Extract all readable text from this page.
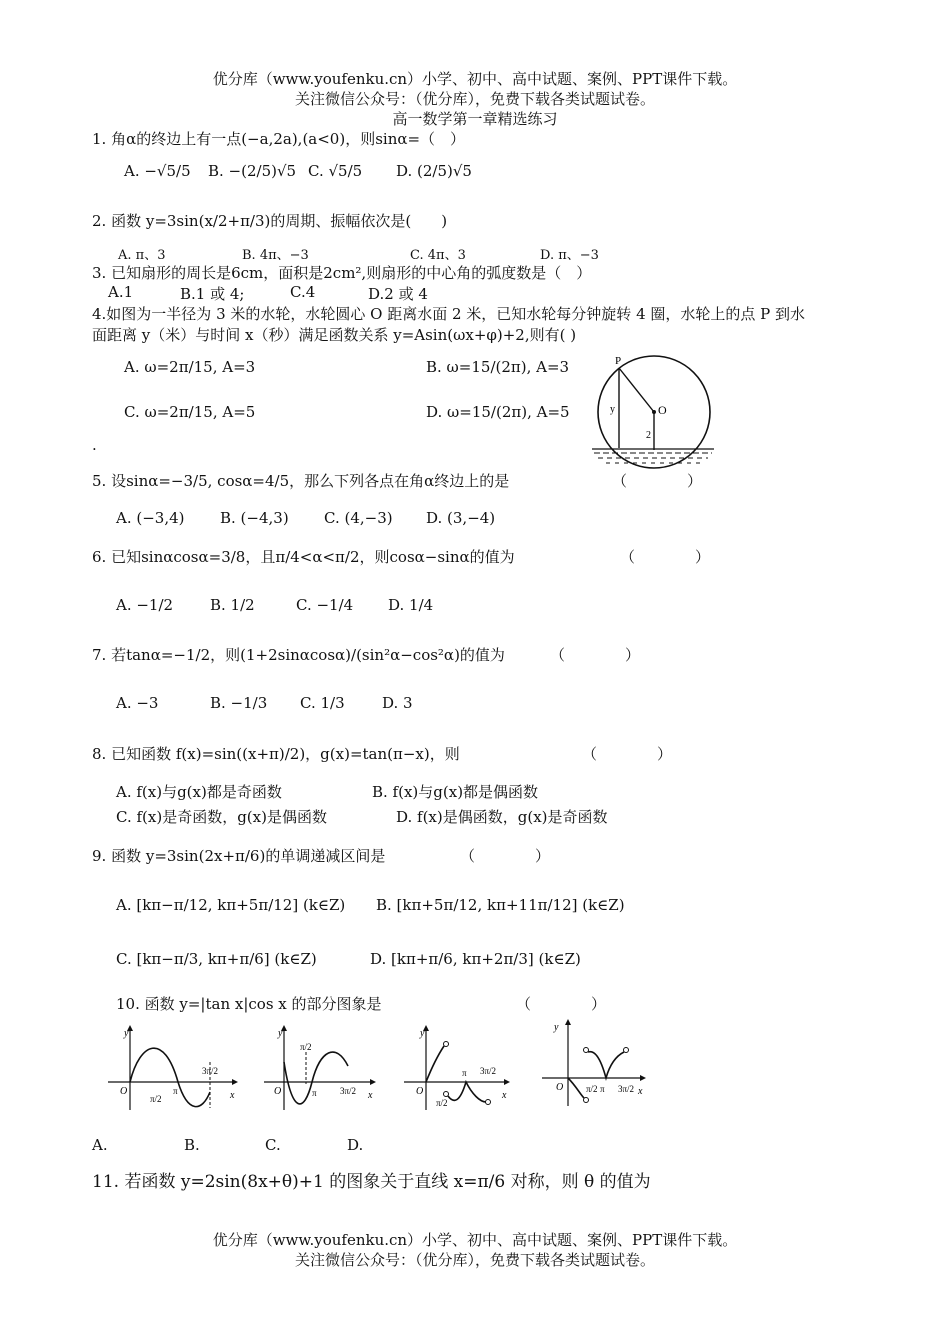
优分库（www.youfenku.cn）小学、初中、高中试题、案例、PPT课件下载。
关注微信公众号：（优分库），免费下载各类试题试卷。
高一数学第一章精选练习
1. 角α的终边上有一点(−a,2a),(a<0)，则sinα=（　）
A. −√5/5 B. −(2/5)√5 C. √5/5 D. (2/5)√5
2. 函数 y=3sin(x/2+π/3)的周期、振幅依次是(　　)
A. π、3	B. 4π、−3	C. 4π、3	D. π、−3
3. 已知扇形的周长是6cm，面积是2cm²,则扇形的中心角的弧度数是（　）
A.1	B.1 或 4;	C.4	D.2 或 4
4.如图为一半径为 3 米的水轮，水轮圆心 O 距离水面 2 米，已知水轮每分钟旋转 4 圈，水轮上的点 P 到水
面距离 y（米）与时间 x（秒）满足函数关系 y=Asin(ωx+φ)+2,则有( )
A. ω=2π/15, A=3	B. ω=15/(2π), A=3
C. ω=2π/15, A=5	D. ω=15/(2π), A=5
.
P
O
y
2
5. 设sinα=−3/5, cosα=4/5，那么下列各点在角α终边上的是	（　　　　）
A. (−3,4) B. (−4,3) C. (4,−3) D. (3,−4)
6. 已知sinαcosα=3/8，且π/4<α<π/2，则cosα−sinα的值为	（　　　　）
A. −1/2 B. 1/2	C. −1/4 D. 1/4
7. 若tanα=−1/2，则(1+2sinαcosα)/(sin²α−cos²α)的值为	（　　　　）
A. −3	B. −1/3 C. 1/3 D. 3
8. 已知函数 f(x)=sin((x+π)/2)，g(x)=tan(π−x)，则	（　　　　）
A. f(x)与g(x)都是奇函数	B. f(x)与g(x)都是偶函数
C. f(x)是奇函数，g(x)是偶函数	D. f(x)是偶函数，g(x)是奇函数
9. 函数 y=3sin(2x+π/6)的单调递减区间是	（　　　　）
A. [kπ−π/12, kπ+5π/12] (k∈Z) B. [kπ+5π/12, kπ+11π/12] (k∈Z)
C. [kπ−π/3, kπ+π/6] (k∈Z)	D. [kπ+π/6, kπ+2π/3] (k∈Z)
10. 函数 y=|tan x|cos x 的部分图象是	（　　　　）
y
x
O
π/2
π
3π/2
y
x
O
π/2
π	3π/2
y
x
O
π/2
π 3π/2
y
x
O	π/2 π 3π/2
A.	B.	C.	D.
11. 若函数 y=2sin(8x+θ)+1 的图象关于直线 x=π/6 对称，则 θ 的值为
优分库（www.youfenku.cn）小学、初中、高中试题、案例、PPT课件下载。
关注微信公众号：（优分库），免费下载各类试题试卷。
